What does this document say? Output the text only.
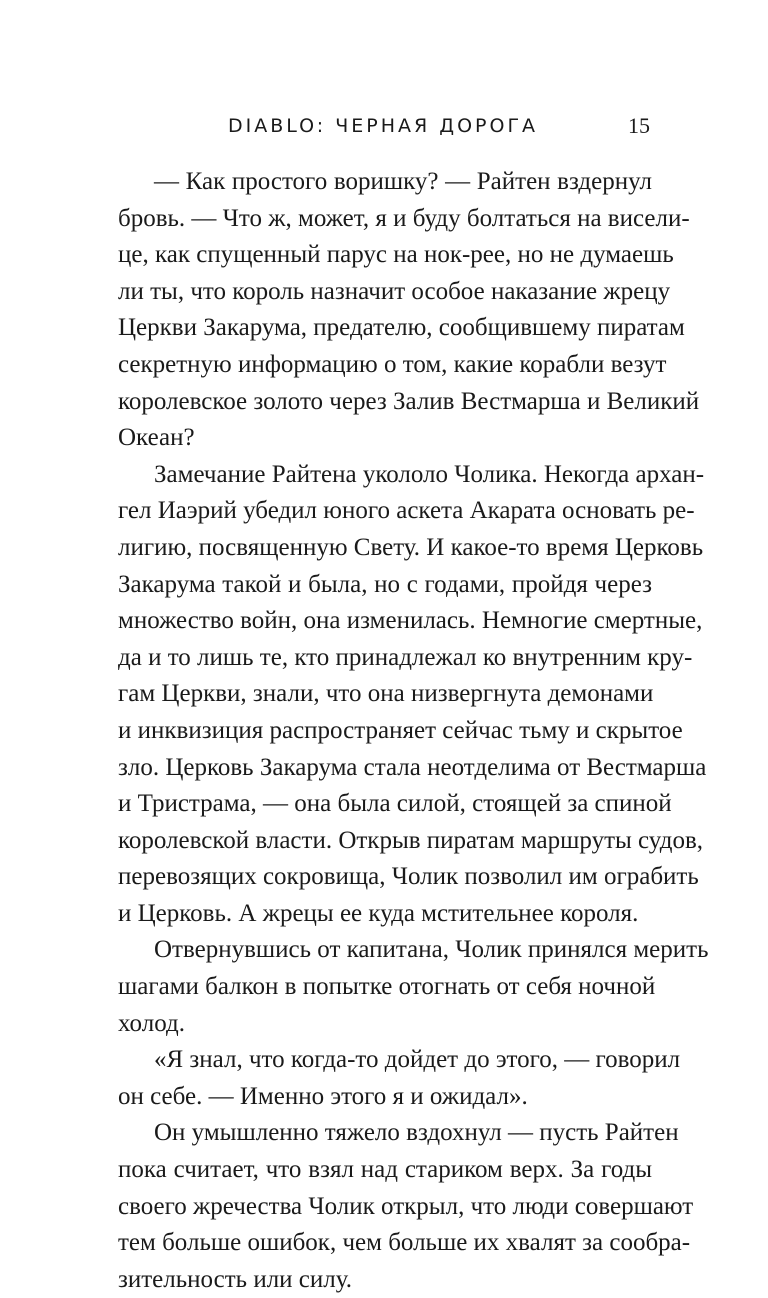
DIABLO: ЧЕРНАЯ ДОРОГА	15
— Как простого воришку? — Райтен вздернул
бровь. — Что ж, может, я и буду болтаться на висели-
це, как спущенный парус на нок-рее, но не думаешь
ли ты, что король назначит особое наказание жрецу
Церкви Закарума, предателю, сообщившему пиратам
секретную информацию о том, какие корабли везут
королевское золото через Залив Вестмарша и Великий
Океан?
Замечание Райтена укололо Чолика. Некогда архан-
гел Иаэрий убедил юного аскета Акарата основать ре-
лигию, посвященную Свету. И какое-то время Церковь
Закарума такой и была, но с годами, пройдя через
множество войн, она изменилась. Немногие смертные,
да и то лишь те, кто принадлежал ко внутренним кру-
гам Церкви, знали, что она низвергнута демонами
и инквизиция распространяет сейчас тьму и скрытое
зло. Церковь Закарума стала неотделима от Вестмарша
и Тристрама, — она была силой, стоящей за спиной
королевской власти. Открыв пиратам маршруты судов,
перевозящих сокровища, Чолик позволил им ограбить
и Церковь. А жрецы ее куда мстительнее короля.
Отвернувшись от капитана, Чолик принялся мерить
шагами балкон в попытке отогнать от себя ночной
холод.
«Я знал, что когда-то дойдет до этого, — говорил
он себе. — Именно этого я и ожидал».
Он умышленно тяжело вздохнул — пусть Райтен
пока считает, что взял над стариком верх. За годы
своего жречества Чолик открыл, что люди совершают
тем больше ошибок, чем больше их хвалят за сообра-
зительность или силу.
